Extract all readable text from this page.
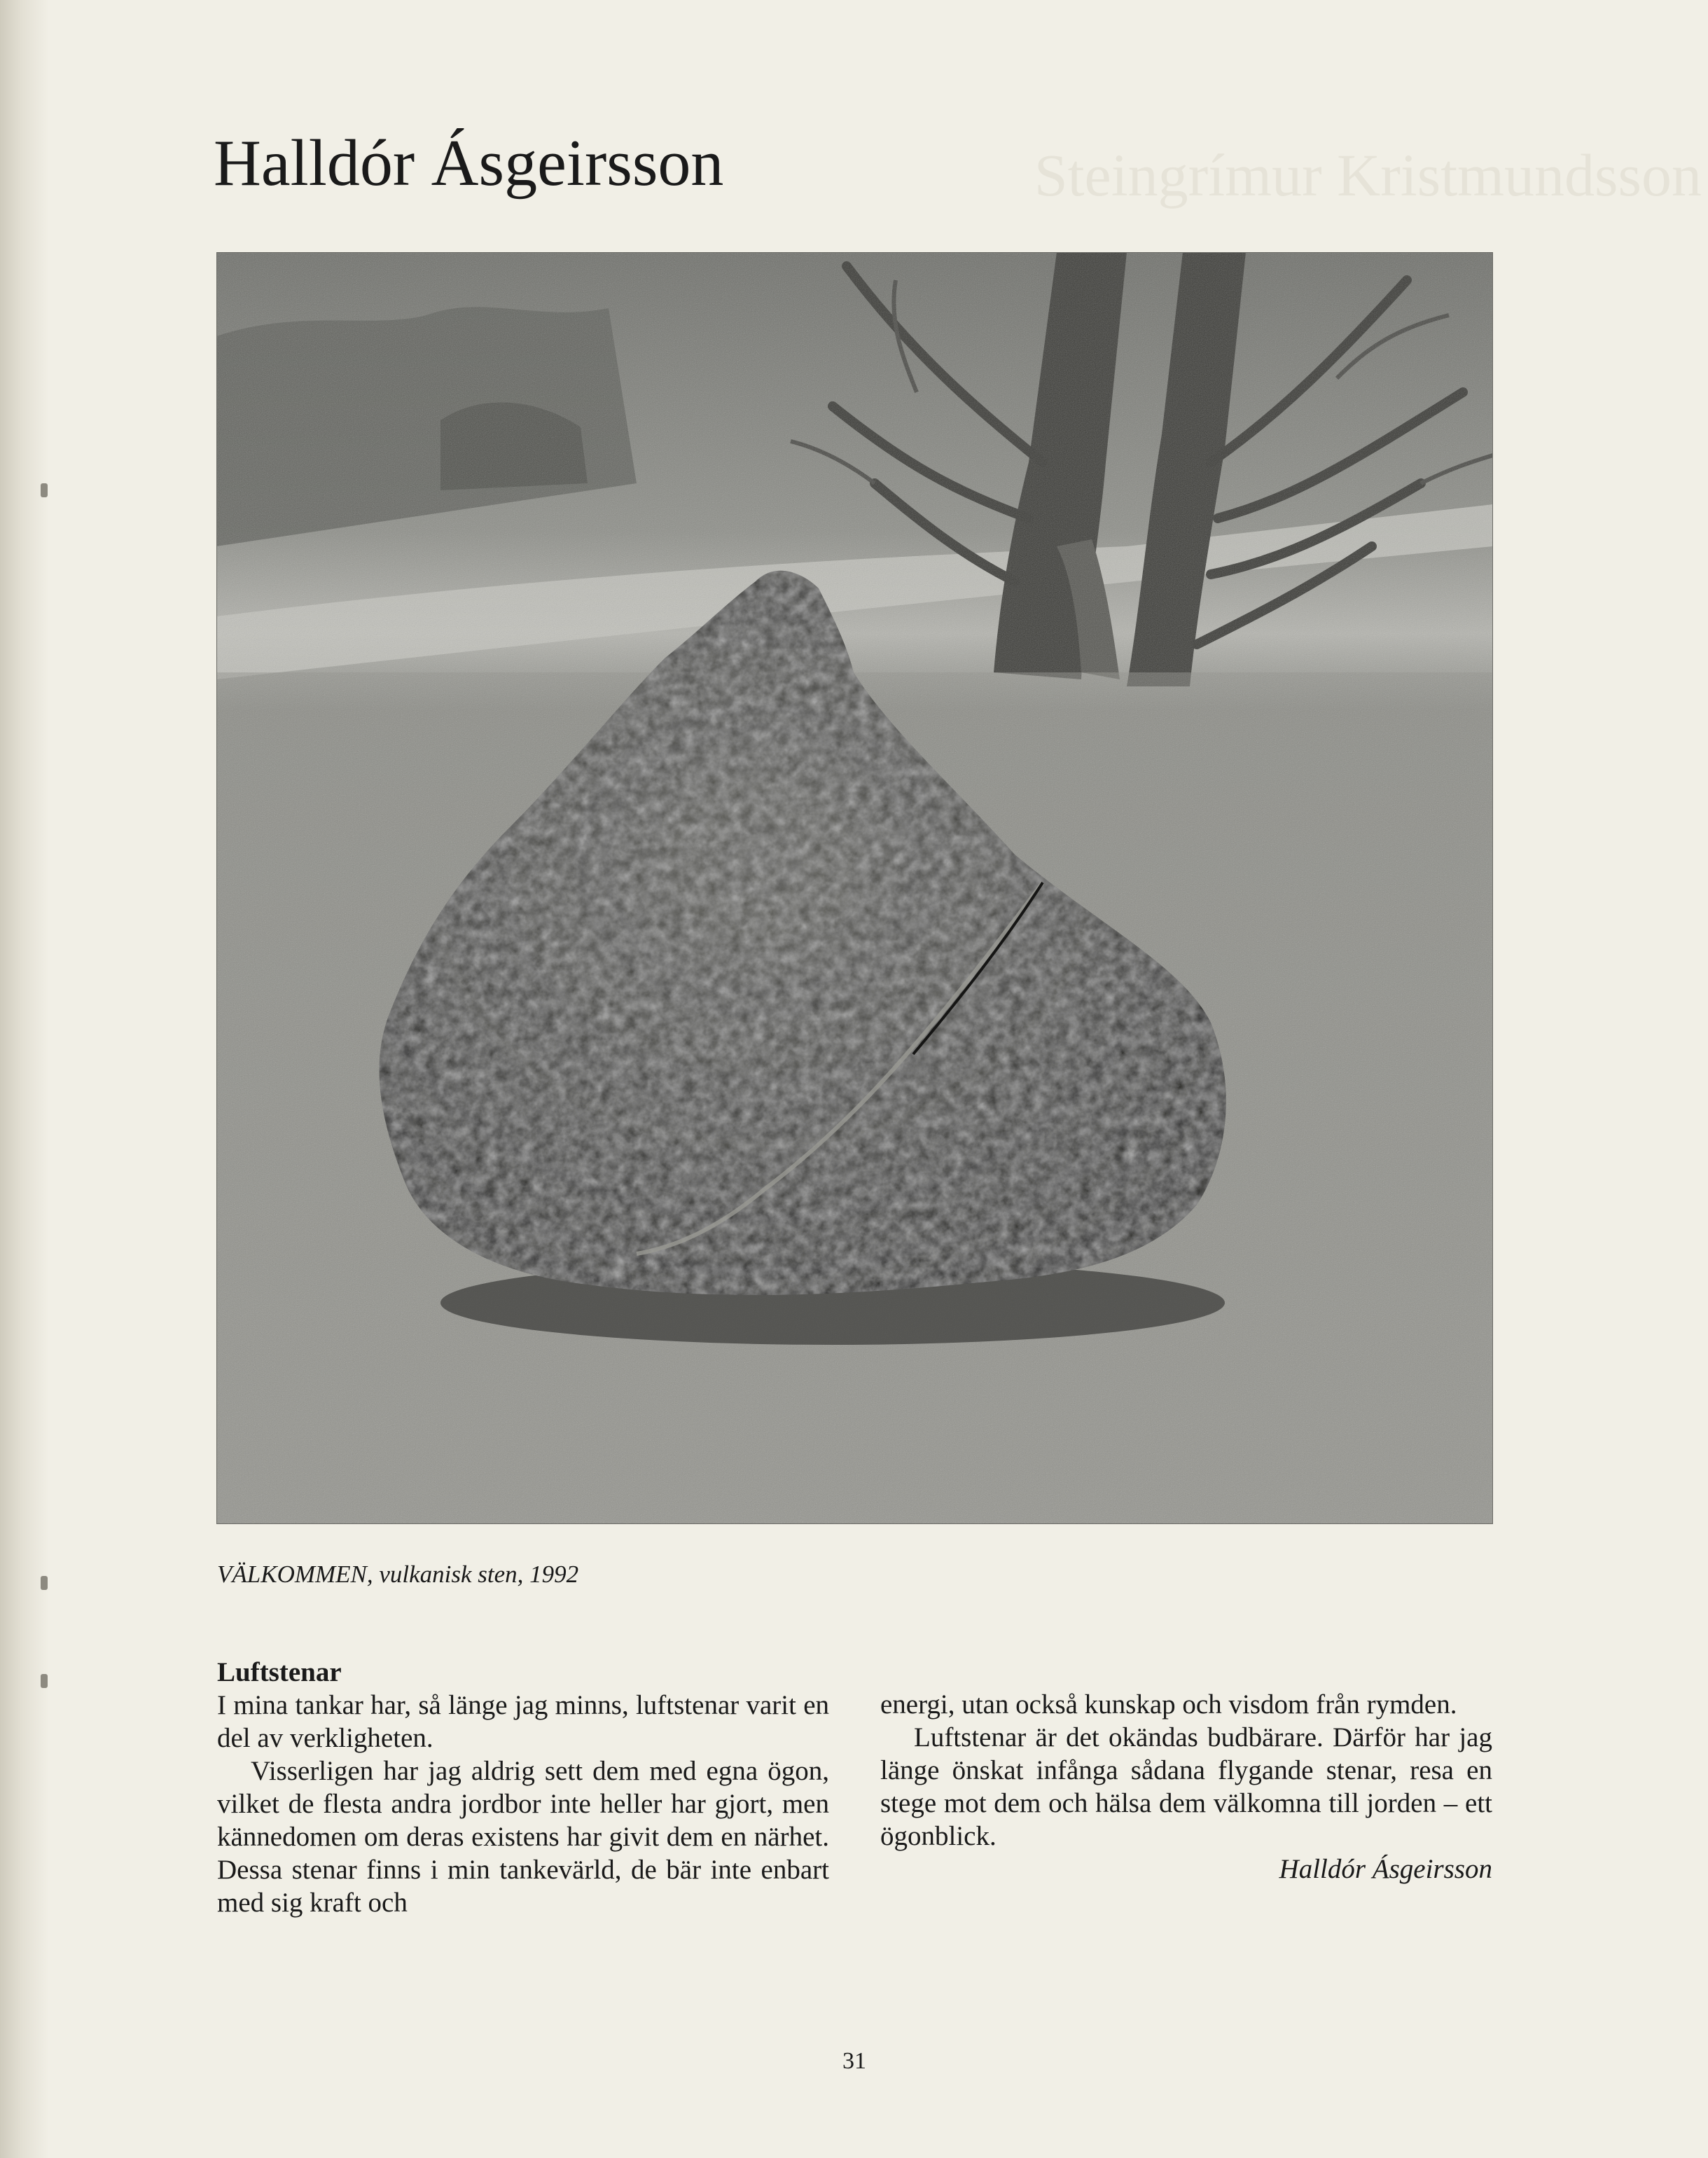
Steingrímur Kristmundsson
Halldór Ásgeirsson
VÄLKOMMEN, vulkanisk sten, 1992

Luftstenar

I mina tankar har, så länge jag minns, luftstenar varit en del av verkligheten.

Visserligen har jag aldrig sett dem med egna ögon, vilket de flesta andra jordbor inte heller har gjort, men kännedomen om deras existens har givit dem en närhet. Dessa stenar finns i min tankevärld, de bär inte enbart med sig kraft och

energi, utan också kunskap och visdom från rymden.

Luftstenar är det okändas budbärare. Därför har jag länge önskat infånga sådana flygande stenar, resa en stege mot dem och hälsa dem välkomna till jorden – ett ögonblick.

Halldór Ásgeirsson

31
